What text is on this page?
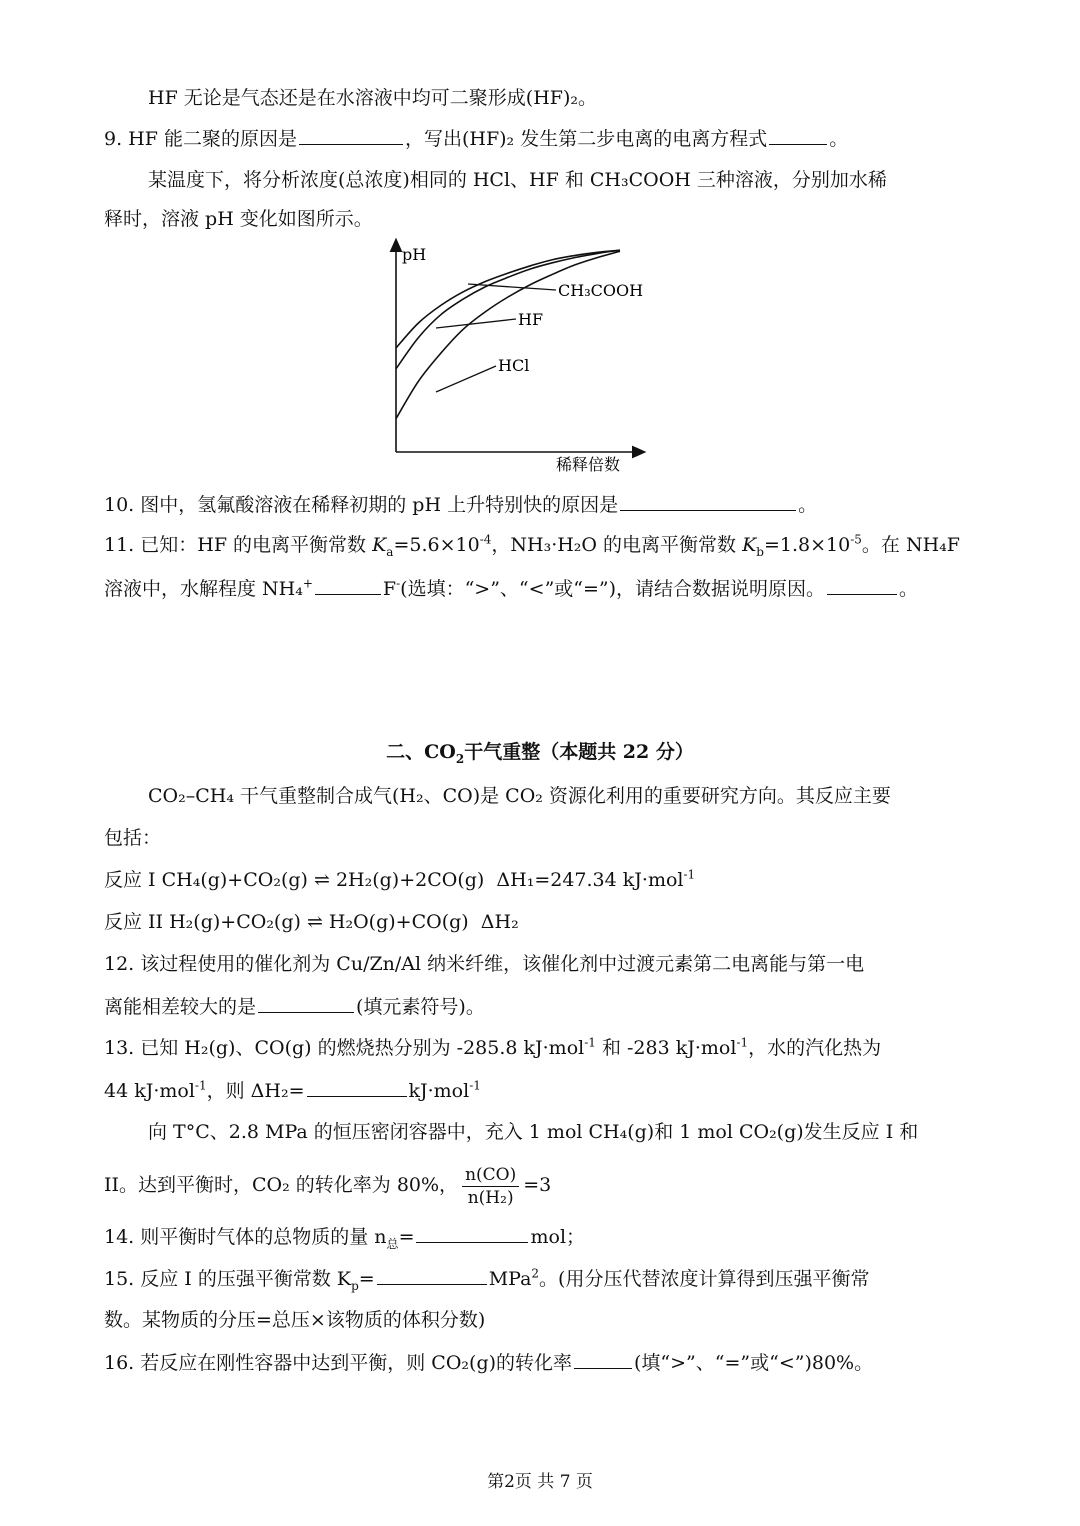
HF 无论是气态还是在水溶液中均可二聚形成(HF)₂。
9. HF 能二聚的原因是	，写出(HF)₂ 发生第二步电离的电离方程式	。
某温度下，将分析浓度(总浓度)相同的 HCl、HF 和 CH₃COOH 三种溶液，分别加水稀
释时，溶液 pH 变化如图所示。
pH
稀释倍数
CH₃COOH
HF
HCl
10. 图中，氢氟酸溶液在稀释初期的 pH 上升特别快的原因是	。
11. 已知：HF 的电离平衡常数 $K_a=5.6\times 10^{-4}$，NH₃·H₂O 的电离平衡常数 $K_b=1.8\times 10^{-5}$。在 NH₄F
溶液中，水解程度 NH₄+	F-(选填：“>”、“<”或“=”)，请结合数据说明原因。	。
二、$CO_2$干气重整（本题共 22 分）
CO₂–CH₄ 干气重整制合成气(H₂、CO)是 CO₂ 资源化利用的重要研究方向。其反应主要
包括：
反应 I CH₄(g)+CO₂(g) ⇌ 2H₂(g)+2CO(g) ΔH₁=247.34 kJ·mol$^{-1}$
反应 II H₂(g)+CO₂(g) ⇌ H₂O(g)+CO(g) ΔH₂
12. 该过程使用的催化剂为 Cu/Zn/Al 纳米纤维，该催化剂中过渡元素第二电离能与第一电
离能相差较大的是	(填元素符号)。
13. 已知 H₂(g)、CO(g) 的燃烧热分别为 -285.8 kJ·mol$^{-1}$ 和 -283 kJ·mol$^{-1}$，水的汽化热为
44 kJ·mol$^{-1}$，则 ΔH₂=	kJ·mol$^{-1}$
向 T°C、2.8 MPa 的恒压密闭容器中，充入 1 mol CH₄(g)和 1 mol CO₂(g)发生反应 I 和
II。达到平衡时，CO₂ 的转化率为 80%， $\frac{n(CO)}{\text{n(H₂)}} =3$
14. 则平衡时气体的总物质的量 $n_总=$	mol；
15. 反应 I 的压强平衡常数 $K_p=$	MPa$^2$。(用分压代替浓度计算得到压强平衡常
数。某物质的分压=总压×该物质的体积分数)
16. 若反应在刚性容器中达到平衡，则 CO₂(g)的转化率	(填“>”、“=”或“<”)80%。
第2页 共 7 页
